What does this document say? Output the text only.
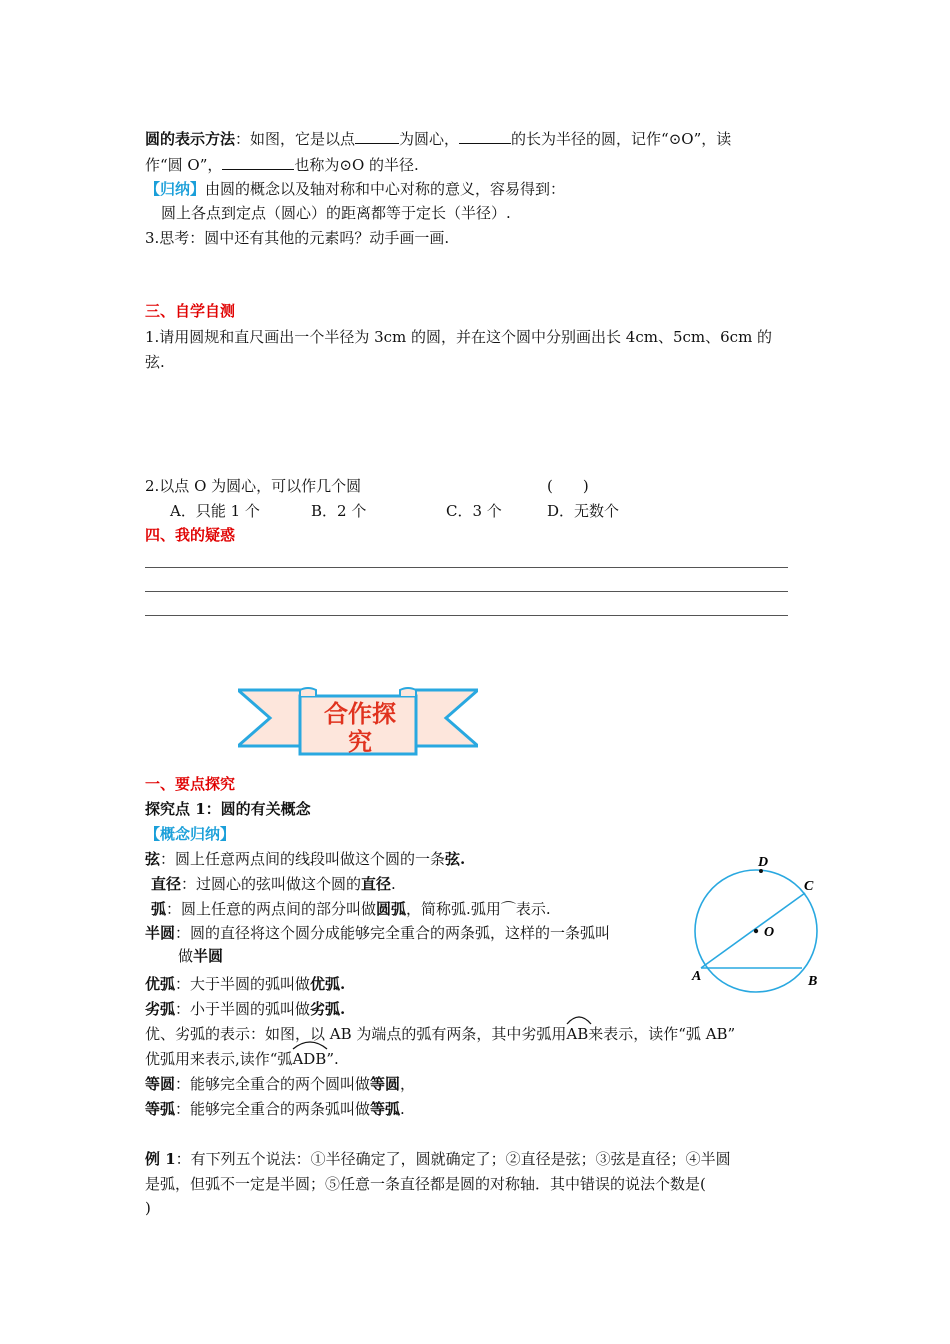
圆的表示方法：如图，它是以点	为圆心，	的长为半径的圆，记作“⊙O”，读
作“圆 O”，	也称为⊙O 的半径.
【归纳】由圆的概念以及轴对称和中心对称的意义，容易得到：
圆上各点到定点（圆心）的距离都等于定长（半径）.
3.思考：圆中还有其他的元素吗？动手画一画.
三、自学自测
1.请用圆规和直尺画出一个半径为 3cm 的圆，并在这个圆中分别画出长 4cm、5cm、6cm 的
弦.
2.以点 O 为圆心，可以作几个圆	(　　)
A．只能 1 个	B．2 个	C．3 个	D．无数个
四、我的疑惑
合作探
究
一、要点探究
探究点 1：圆的有关概念
【概念归纳】
弦：圆上任意两点间的线段叫做这个圆的一条弦.
直径：过圆心的弦叫做这个圆的直径.
弧：圆上任意的两点间的部分叫做圆弧，简称弧.弧用⌒表示.
半圆：圆的直径将这个圆分成能够完全重合的两条弧，这样的一条弧叫
做半圆
优弧：大于半圆的弧叫做优弧.
劣弧：小于半圆的弧叫做劣弧.
优、劣弧的表示：如图，以 AB 为端点的弧有两条，其中劣弧用
AB来表示，读作“弧 AB”
优弧用来表示,读作“弧
ADB”.
等圆：能够完全重合的两个圆叫做等圆，
等弧：能够完全重合的两条弧叫做等弧.
例 1：有下列五个说法：①半径确定了，圆就确定了；②直径是弦；③弦是直径；④半圆
是弧，但弧不一定是半圆；⑤任意一条直径都是圆的对称轴．其中错误的说法个数是(
)
D
C
O
A	B
